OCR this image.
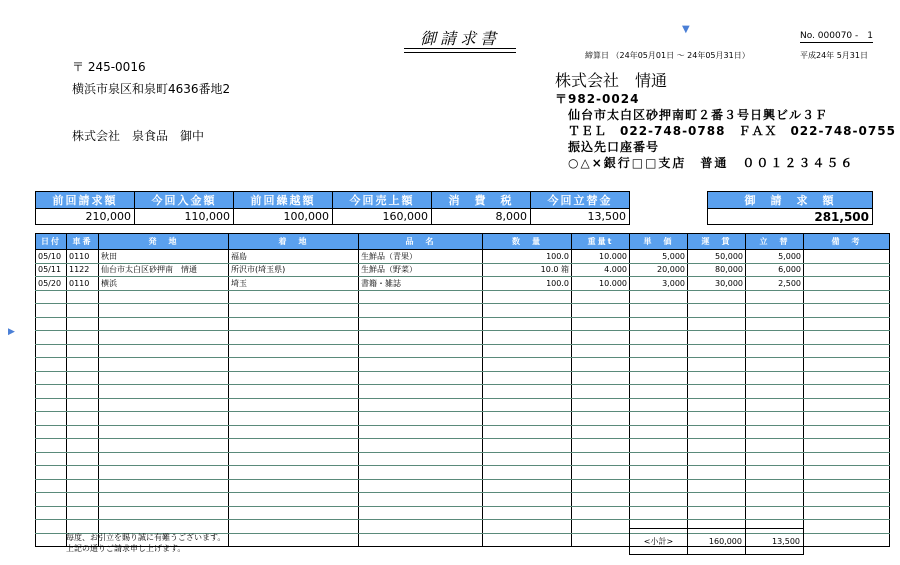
御請求書	▼
No. 000070 -　1
締算日 （24年05月01日 ～ 24年05月31日）	平成24年 5月31日
〒 245-0016
横浜市泉区和泉町4636番地2
株式会社　泉食品　御中
株式会社　情通
〒982-0024
仙台市太白区砂押南町２番３号日興ビル３Ｆ
ＴＥＬ　022-748-0788　ＦＡＸ　022-748-0755
振込先口座番号
○△×銀行□□支店　普通　００１２３４５６
前回請求額	今回入金額	前回繰越額	今回売上額	消　費　税	今回立替金
210,000	110,000	100,000	160,000	8,000	13,500
御　請　求　額
281,500
▶
日付	車番	発　地	着　地	品　名	数　量	重量t	単　価	運　賃	立　替	備　考
05/10	0110	秋田	福島	生鮮品（青果）	100.0	10.000	5,000	50,000	5,000	
05/11	1122	仙台市太白区砂押南　情通	所沢市(埼玉県)	生鮮品（野菜）	10.0 箱	4.000	20,000	80,000	6,000	
05/20	0110	横浜	埼玉	書籍・雑誌	100.0	10.000	3,000	30,000	2,500	

毎度、お引立を賜り誠に有難うございます。
上記の通りご請求申し上げます。
<小計>	160,000	13,500
